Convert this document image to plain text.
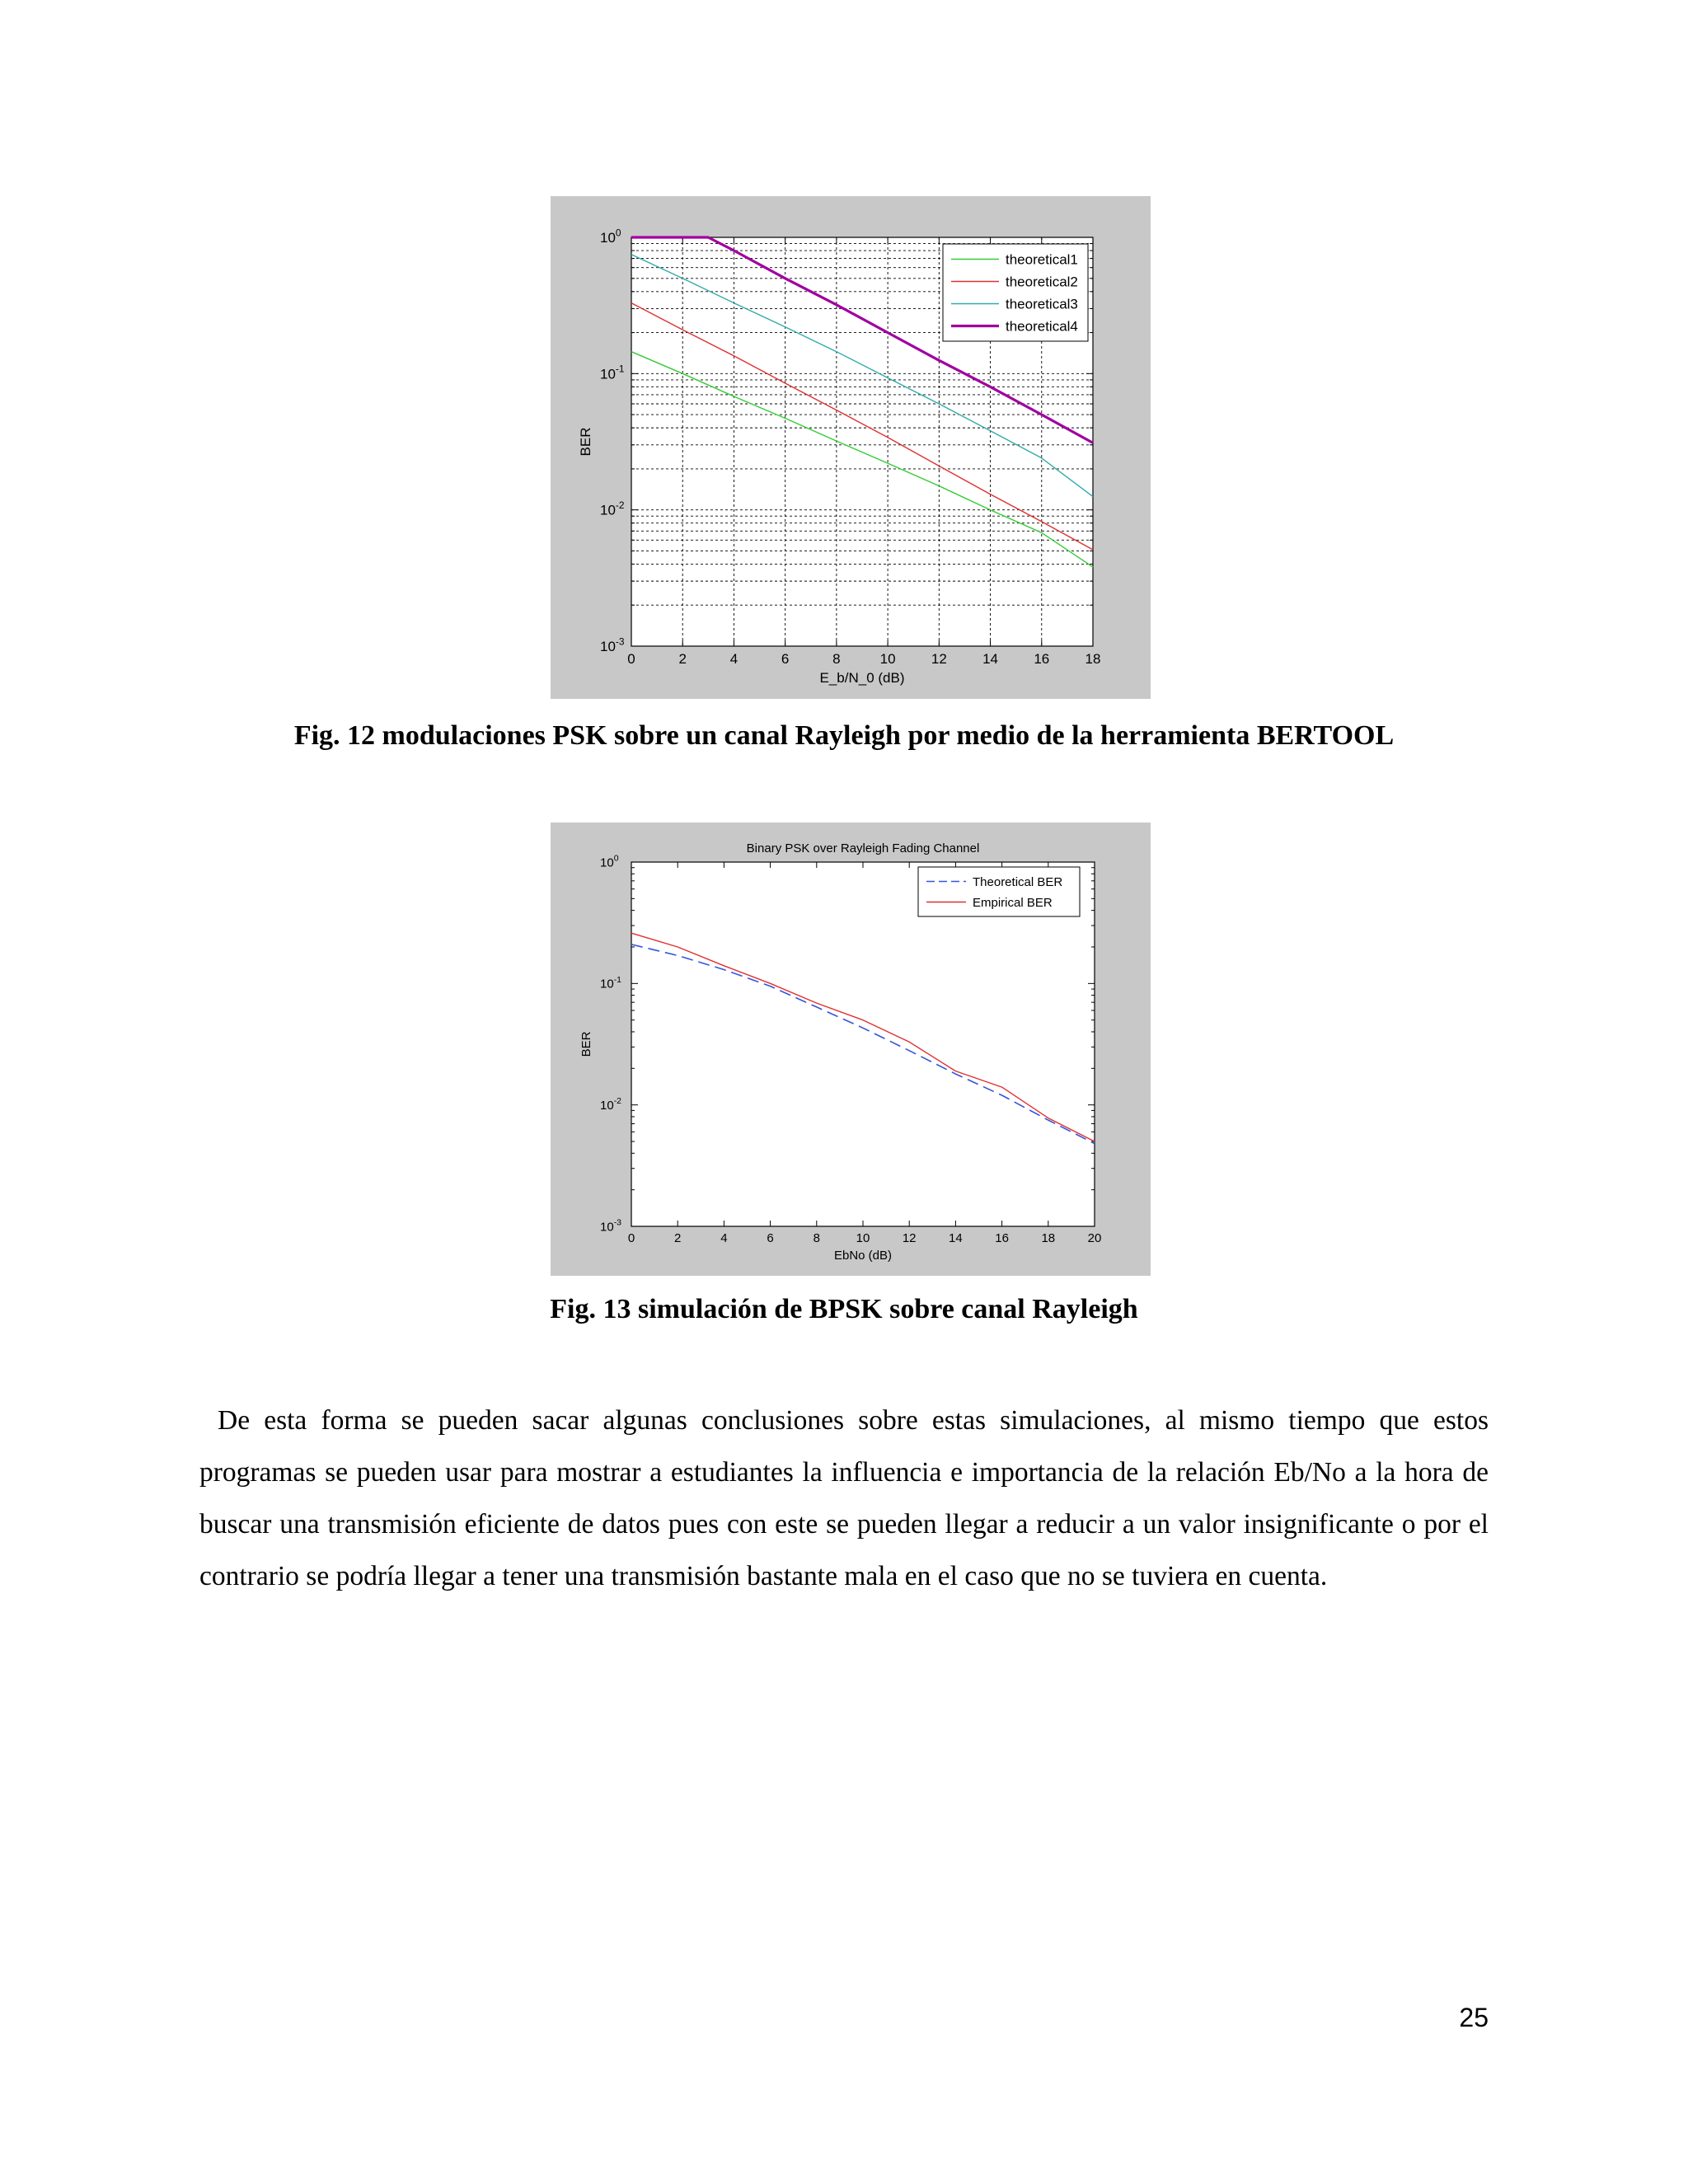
0	2	4	6	8	10	12	14	16	18
$10^0$
$10^{-1}$
$10^{-2}$
$10^{-3}$
E_b/N_0 (dB)
BER
theoretical1
theoretical2
theoretical3
theoretical4
Fig. 12 modulaciones PSK sobre un canal Rayleigh por medio de la herramienta BERTOOL
0	2	4	6	8	10	12	14	16	18	20
$10^0$
$10^{-1}$
$10^{-2}$
$10^{-3}$
EbNo (dB)
BER
Binary PSK over Rayleigh Fading Channel
Theoretical BER
Empirical BER
Fig. 13 simulación de BPSK sobre canal Rayleigh
De esta forma se pueden sacar algunas conclusiones sobre estas simulaciones, al mismo tiempo que estos programas se pueden usar para mostrar a estudiantes la influencia e importancia de la relación Eb/No a la hora de buscar una transmisión eficiente de datos pues con este se pueden llegar a reducir a un valor insignificante o por el contrario se podría llegar a tener una transmisión bastante mala en el caso que no se tuviera en cuenta.
25
